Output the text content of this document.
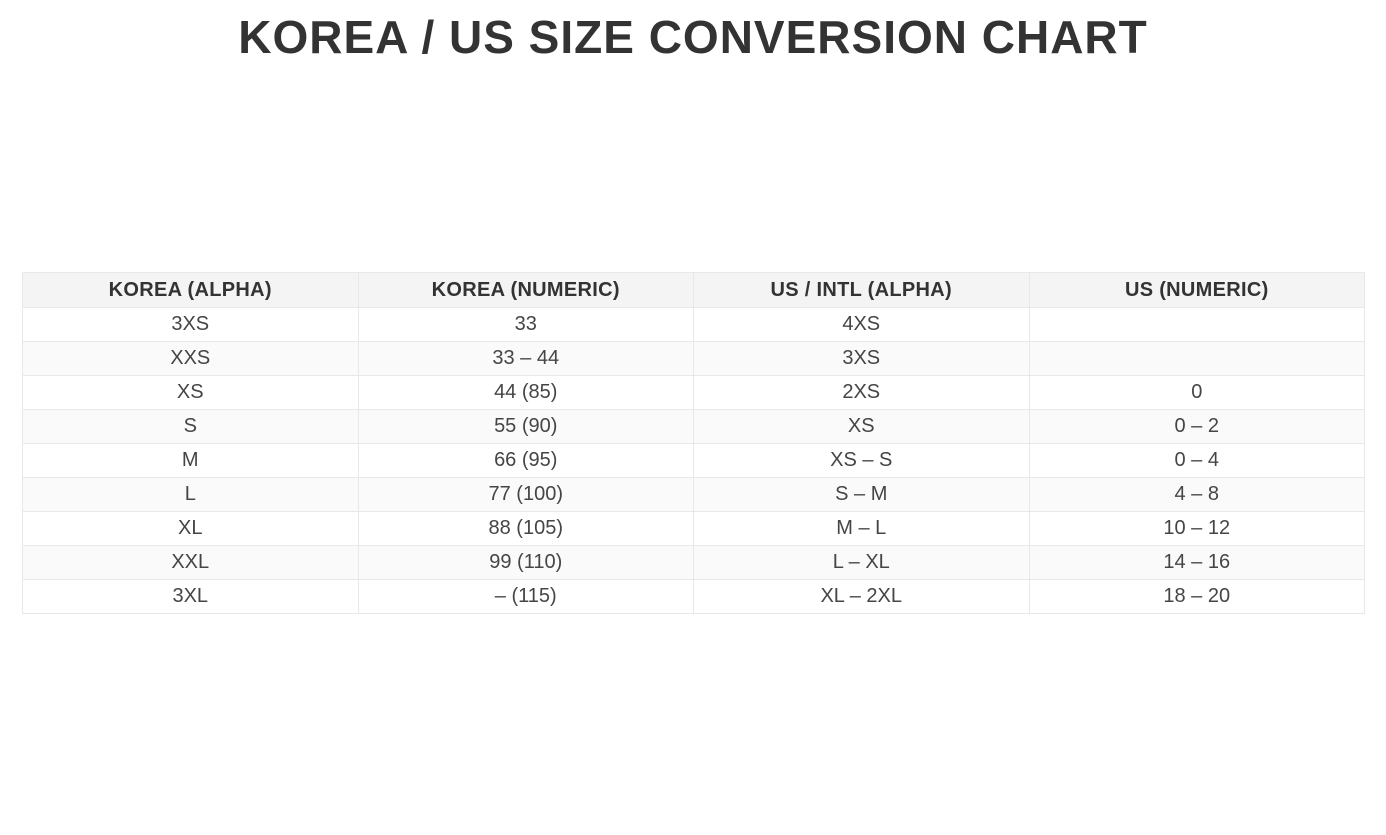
KOREA / US SIZE CONVERSION CHART
KOREA (ALPHA)	KOREA (NUMERIC)	US / INTL (ALPHA)	US (NUMERIC)
3XS	33	4XS	
XXS	33 – 44	3XS	
XS	44 (85)	2XS	0
S	55 (90)	XS	0 – 2
M	66 (95)	XS – S	0 – 4
L	77 (100)	S – M	4 – 8
XL	88 (105)	M – L	10 – 12
XXL	99 (110)	L – XL	14 – 16
3XL	– (115)	XL – 2XL	18 – 20
